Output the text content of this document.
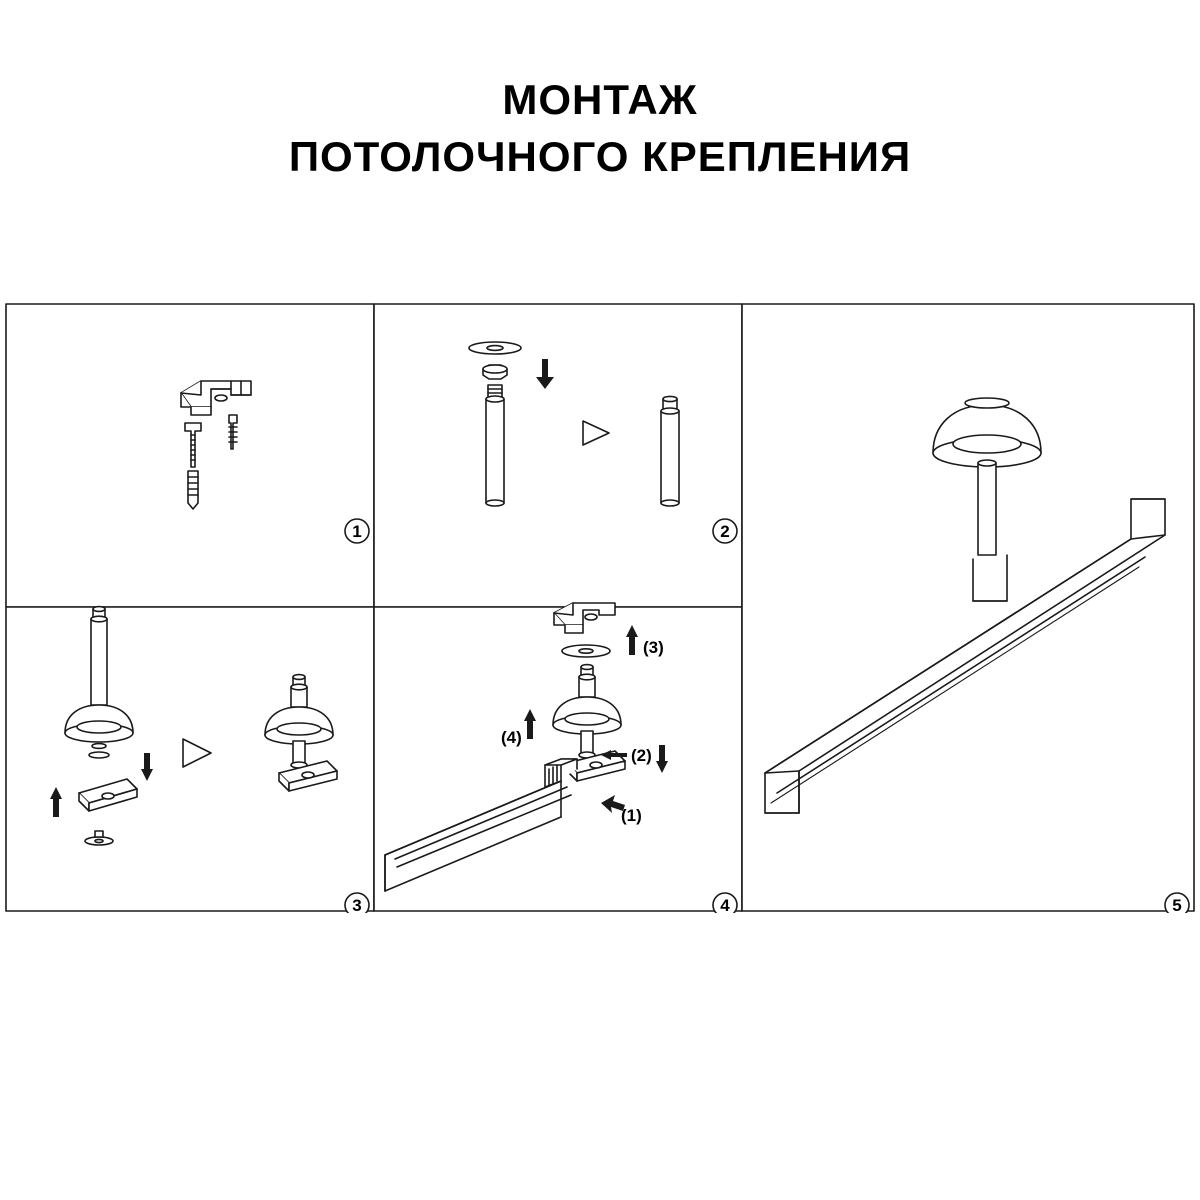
МОНТАЖ
ПОТОЛОЧНОГО КРЕПЛЕНИЯ
1	2
3
(3)
(2)
(4)
(1)
4	5
